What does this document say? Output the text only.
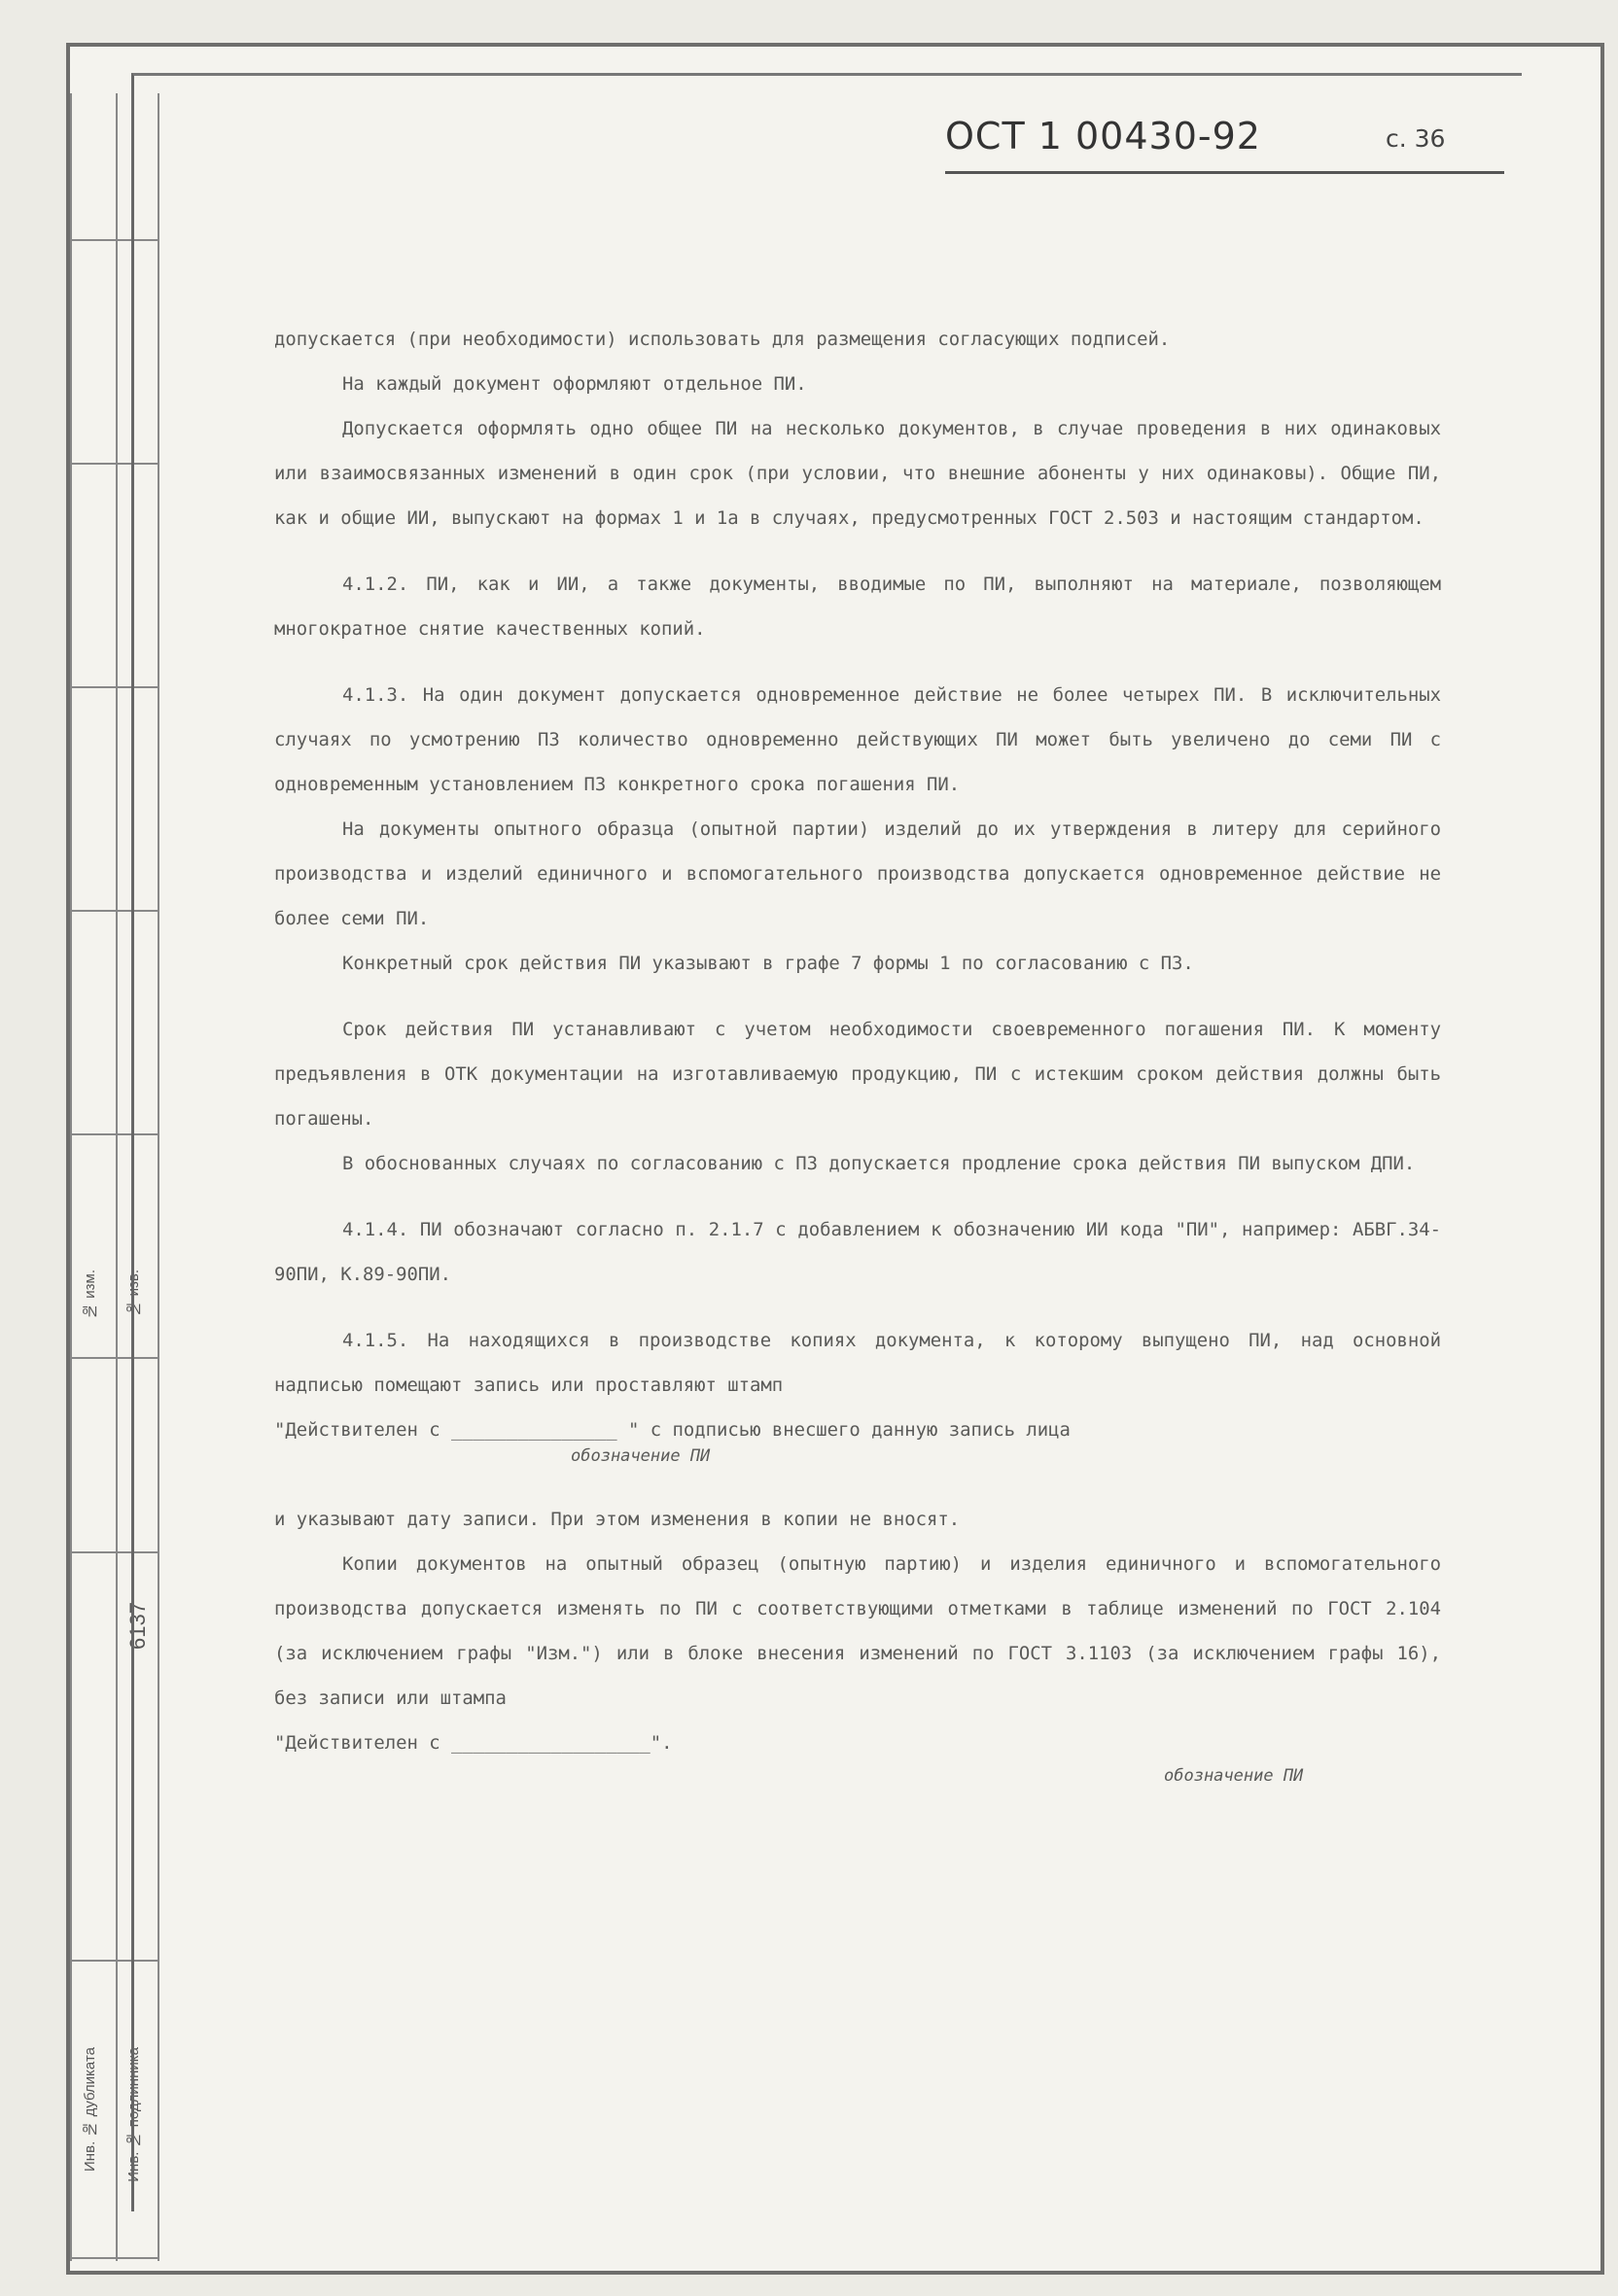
№ изм. № изв.
6137
Инв. № дубликата Инв. № подлинника
ОСТ 1 00430-92	с. 36

допускается (при необходимости) использовать для размещения согласующих подписей.

На каждый документ оформляют отдельное ПИ.

Допускается оформлять одно общее ПИ на несколько документов, в случае проведения в них одинаковых или взаимосвязанных изменений в один срок (при условии, что внешние абоненты у них одинаковы). Общие ПИ, как и общие ИИ, выпускают на формах 1 и 1а в случаях, предусмотренных ГОСТ 2.503 и настоящим стандартом.

4.1.2. ПИ, как и ИИ, а также документы, вводимые по ПИ, выполняют на материале, позволяющем многократное снятие качественных копий.

4.1.3. На один документ допускается одновременное действие не более четырех ПИ. В исключительных случаях по усмотрению ПЗ количество одновременно действующих ПИ может быть увеличено до семи ПИ с одновременным установлением ПЗ конкретного срока погашения ПИ.

На документы опытного образца (опытной партии) изделий до их утверждения в литеру для серийного производства и изделий единичного и вспомогательного производства допускается одновременное действие не более семи ПИ.

Конкретный срок действия ПИ указывают в графе 7 формы 1 по согласованию с ПЗ.

Срок действия ПИ устанавливают с учетом необходимости своевременного погашения ПИ. К моменту предъявления в ОТК документации на изготавливаемую продукцию, ПИ с истекшим сроком действия должны быть погашены.

В обоснованных случаях по согласованию с ПЗ допускается продление срока действия ПИ выпуском ДПИ.

4.1.4. ПИ обозначают согласно п. 2.1.7 с добавлением к обозначению ИИ кода "ПИ", например: АБВГ.34-90ПИ, К.89-90ПИ.

4.1.5. На находящихся в производстве копиях документа, к которому выпущено ПИ, над основной надписью помещают запись или проставляют штамп

"Действителен с _______________ " с подписью внесшего данную запись лица
обозначение ПИ

и указывают дату записи. При этом изменения в копии не вносят.

Копии документов на опытный образец (опытную партию) и изделия единичного и вспомогательного производства допускается изменять по ПИ с соответствующими отметками в таблице изменений по ГОСТ 2.104 (за исключением графы "Изм.") или в блоке внесения изменений по ГОСТ 3.1103 (за исключением графы 16), без записи или штампа

"Действителен с __________________".
обозначение ПИ
